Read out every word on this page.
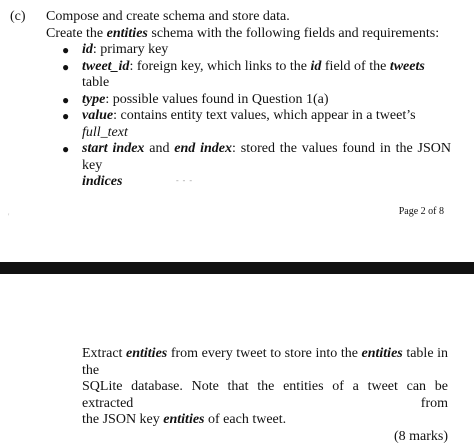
(c) Compose and create schema and store data.
Create the entities schema with the following fields and requirements:
● id: primary key
● tweet_id: foreign key, which links to the id field of the tweets table
● type: possible values found in Question 1(a)
● value: contains entity text values, which appear in a tweet’s full_text
● start index and end index: stored the values found in the JSON key
indices	- - -
'	Page 2 of 8
Extract entities from every tweet to store into the entities table in the
SQLite database. Note that the entities of a tweet can be extracted from
the JSON key entities of each tweet.
(8 marks)
